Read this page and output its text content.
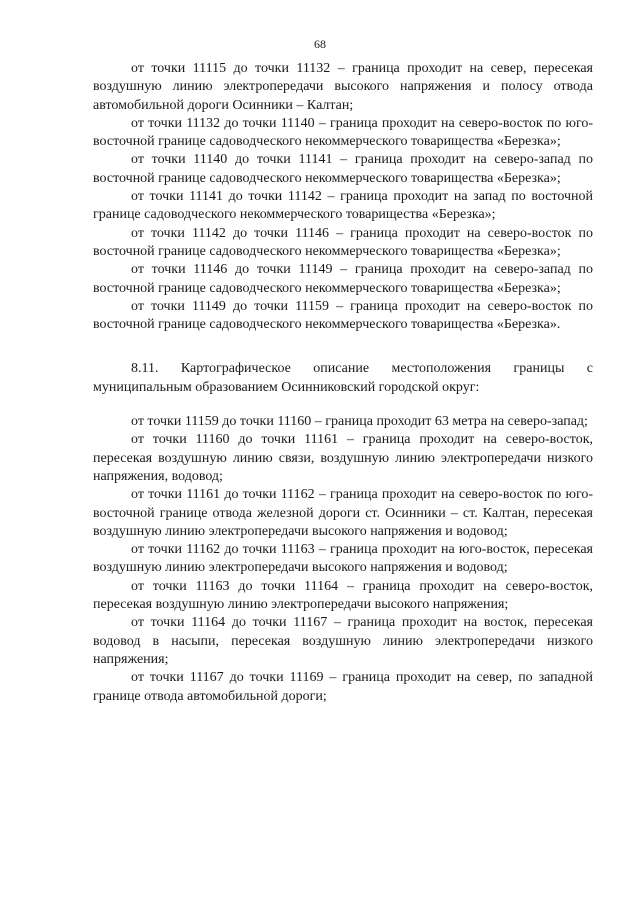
68

от точки 11115 до точки 11132 – граница проходит на север, пересекая воздушную линию электропередачи высокого напряжения и полосу отвода автомобильной дороги Осинники – Калтан;

от точки 11132 до точки 11140 – граница проходит на северо-восток по юго-восточной границе садоводческого некоммерческого товарищества «Березка»;

от точки 11140 до точки 11141 – граница проходит на северо-запад по восточной границе садоводческого некоммерческого товарищества «Березка»;

от точки 11141 до точки 11142 – граница проходит на запад по восточной границе садоводческого некоммерческого товарищества «Березка»;

от точки 11142 до точки 11146 – граница проходит на северо-восток по восточной границе садоводческого некоммерческого товарищества «Березка»;

от точки 11146 до точки 11149 – граница проходит на северо-запад по восточной границе садоводческого некоммерческого товарищества «Березка»;

от точки 11149 до точки 11159 – граница проходит на северо-восток по восточной границе садоводческого некоммерческого товарищества «Березка».

8.11. Картографическое описание местоположения границы с муниципальным образованием Осинниковский городской округ:

от точки 11159 до точки 11160 – граница проходит 63 метра на северо-запад;

от точки 11160 до точки 11161 – граница проходит на северо-восток, пересекая воздушную линию связи, воздушную линию электропередачи низкого напряжения, водовод;

от точки 11161 до точки 11162 – граница проходит на северо-восток по юго-восточной границе отвода железной дороги ст. Осинники – ст. Калтан, пересекая воздушную линию электропередачи высокого напряжения и водовод;

от точки 11162 до точки 11163 – граница проходит на юго-восток, пересекая воздушную линию электропередачи высокого напряжения и водовод;

от точки 11163 до точки 11164 – граница проходит на северо-восток, пересекая воздушную линию электропередачи высокого напряжения;

от точки 11164 до точки 11167 – граница проходит на восток, пересекая водовод в насыпи, пересекая воздушную линию электропередачи низкого напряжения;

от точки 11167 до точки 11169 – граница проходит на север, по западной границе отвода автомобильной дороги;
